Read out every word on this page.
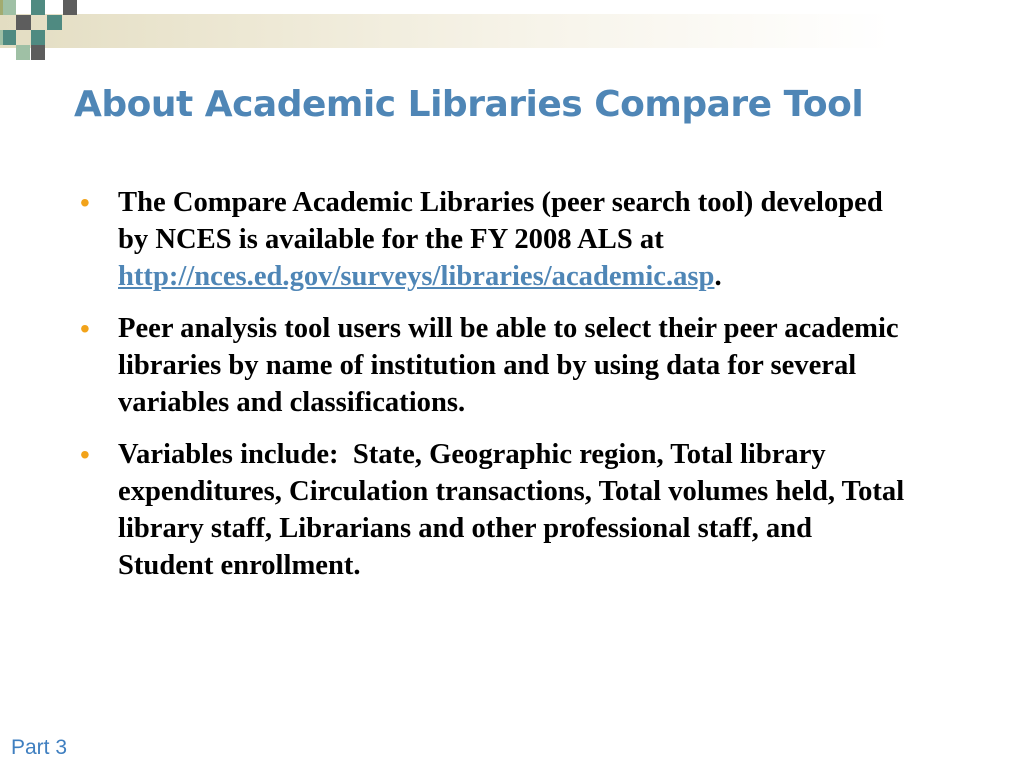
About Academic Libraries Compare Tool
• The Compare Academic Libraries (peer search tool) developed by NCES is available for the FY 2008 ALS at http://nces.ed.gov/surveys/libraries/academic.asp.
• Peer analysis tool users will be able to select their peer academic libraries by name of institution and by using data for several variables and classifications.
• Variables include:  State, Geographic region, Total library expenditures, Circulation transactions, Total volumes held, Total library staff, Librarians and other professional staff, and Student enrollment.
Part 3
